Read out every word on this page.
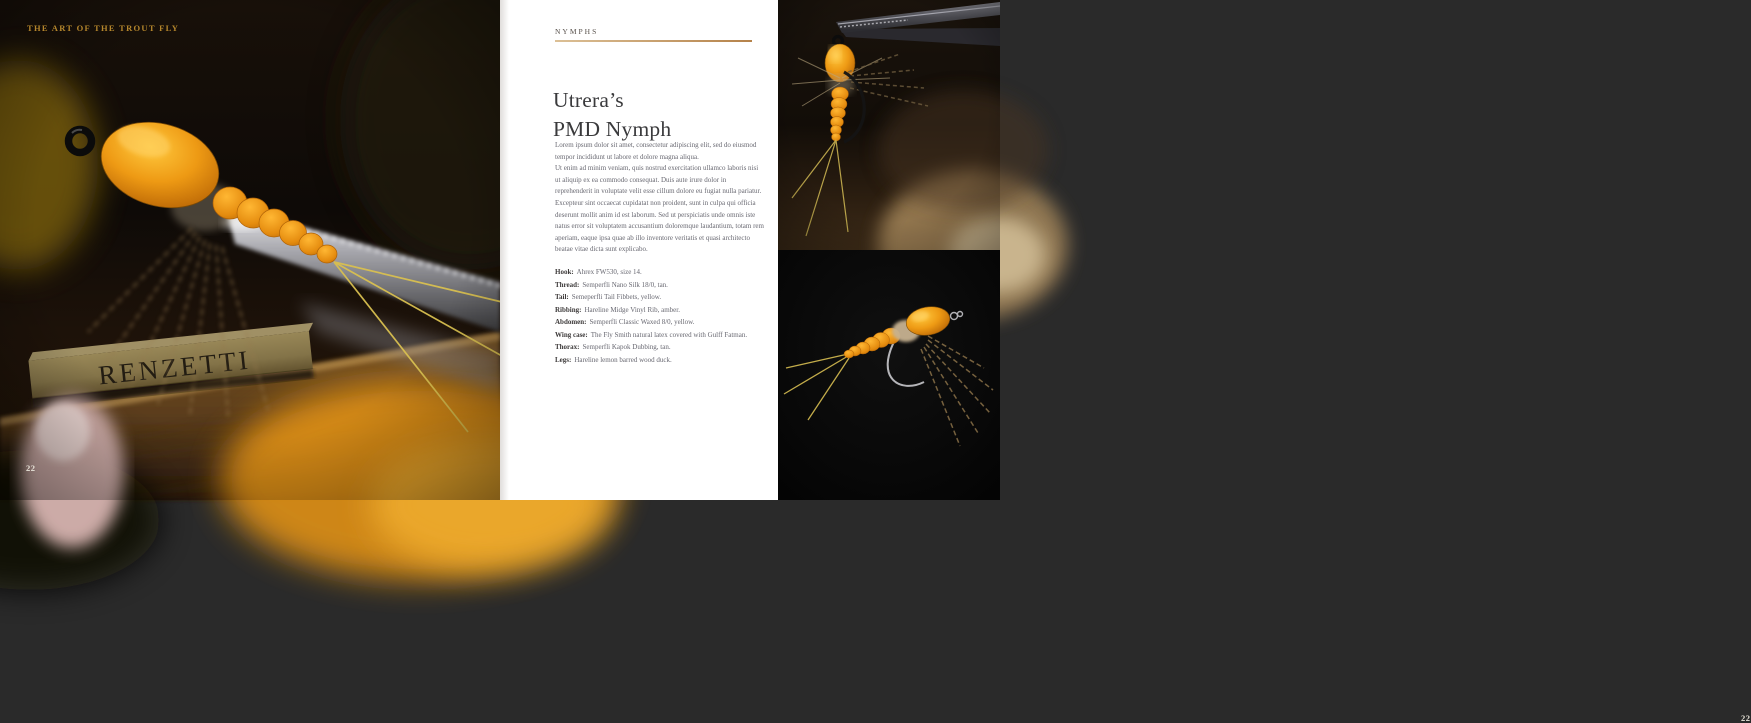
THE ART OF THE TROUT FLY
22
NYMPHS
Utrera’s
PMD Nymph

Lorem ipsum dolor sit amet, consectetur adipiscing elit, sed do eiusmod tempor incididunt ut labore et dolore magna aliqua.

Ut enim ad minim veniam, quis nostrud exercitation ullamco laboris nisi ut aliquip ex ea commodo consequat. Duis aute irure dolor in reprehenderit in voluptate velit esse cillum dolore eu fugiat nulla pariatur. Excepteur sint occaecat cupidatat non proident, sunt in culpa qui officia deserunt mollit anim id est laborum. Sed ut perspiciatis unde omnis iste natus error sit voluptatem accusantium doloremque laudantium, totam rem aperiam, eaque ipsa quae ab illo inventore veritatis et quasi architecto beatae vitae dicta sunt explicabo.

Hook: Ahrex FW530, size 14.
Thread: Semperfli Nano Silk 18/0, tan.
Tail: Semeperfli Tail Fibbets, yellow.
Ribbing: Hareline Midge Vinyl Rib, amber.
Abdomen: Semperfli Classic Waxed 8/0, yellow.
Wing case: The Fly Smith natural latex covered with Gulff Fatman.
Thorax: Semperfli Kapok Dubbing, tan.
Legs: Hareline lemon barred wood duck.
22
